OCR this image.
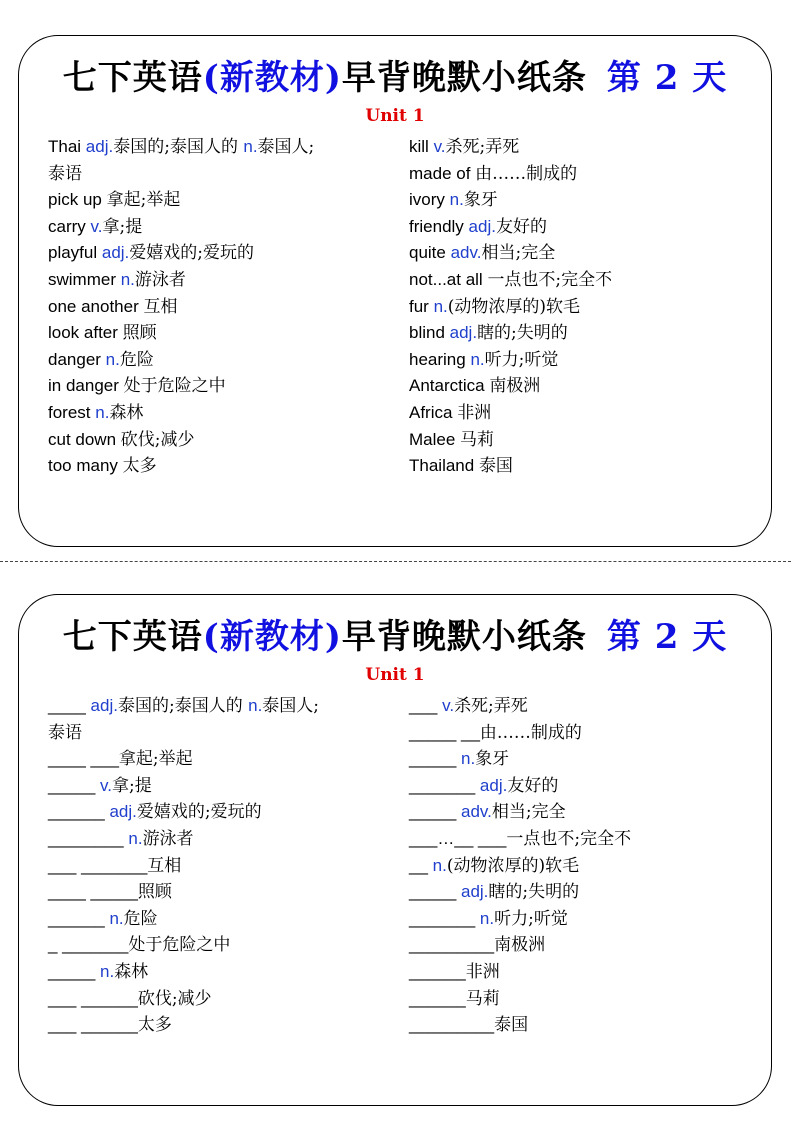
七下英语(新教材)早背晚默小纸条 第 2 天
Unit 1
Thai adj.泰国的;泰国人的 n.泰国人;
泰语
pick up 拿起;举起
carry v.拿;提
playful adj.爱嬉戏的;爱玩的
swimmer n.游泳者
one another 互相
look after 照顾
danger n.危险
in danger 处于危险之中
forest n.森林
cut down 砍伐;减少
too many 太多
kill v.杀死;弄死
made of 由……制成的
ivory n.象牙
friendly adj.友好的
quite adv.相当;完全
not...at all 一点也不;完全不
fur n.(动物浓厚的)软毛
blind adj.瞎的;失明的
hearing n.听力;听觉
Antarctica 南极洲
Africa 非洲
Malee 马莉
Thailand 泰国
七下英语(新教材)早背晚默小纸条 第 2 天
Unit 1
____ adj.泰国的;泰国人的 n.泰国人;
泰语
____ ___拿起;举起
_____ v.拿;提
______ adj.爱嬉戏的;爱玩的
________ n.游泳者
___ _______互相
____ _____照顾
______ n.危险
_ _______处于危险之中
_____ n.森林
___ ______砍伐;减少
___ ______太多
___ v.杀死;弄死
_____ __由……制成的
_____ n.象牙
_______ adj.友好的
_____ adv.相当;完全
___…__ ___一点也不;完全不
__ n.(动物浓厚的)软毛
_____ adj.瞎的;失明的
_______ n.听力;听觉
_________南极洲
______非洲
______马莉
_________泰国
